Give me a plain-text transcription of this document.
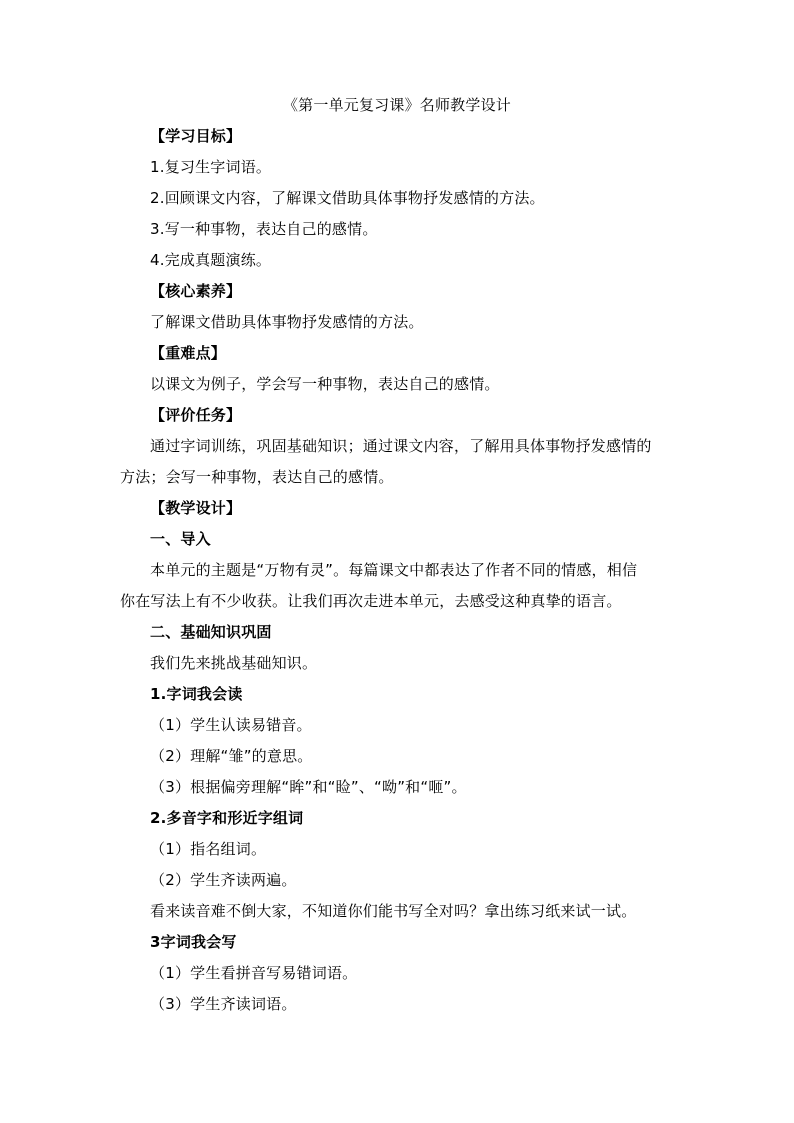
《第一单元复习课》名师教学设计
【学习目标】
1.复习生字词语。
2.回顾课文内容，了解课文借助具体事物抒发感情的方法。
3.写一种事物，表达自己的感情。
4.完成真题演练。
【核心素养】
了解课文借助具体事物抒发感情的方法。
【重难点】
以课文为例子，学会写一种事物，表达自己的感情。
【评价任务】
通过字词训练，巩固基础知识；通过课文内容，了解用具体事物抒发感情的
方法；会写一种事物，表达自己的感情。
【教学设计】
一、导入
本单元的主题是“万物有灵”。每篇课文中都表达了作者不同的情感，相信
你在写法上有不少收获。让我们再次走进本单元，去感受这种真挚的语言。
二、基础知识巩固
我们先来挑战基础知识。
1.字词我会读
（1）学生认读易错音。
（2）理解“雏”的意思。
（3）根据偏旁理解“眸”和“睑”、“呦”和“咂”。
2.多音字和形近字组词
（1）指名组词。
（2）学生齐读两遍。
看来读音难不倒大家，不知道你们能书写全对吗？拿出练习纸来试一试。
3字词我会写
（1）学生看拼音写易错词语。
（3）学生齐读词语。
